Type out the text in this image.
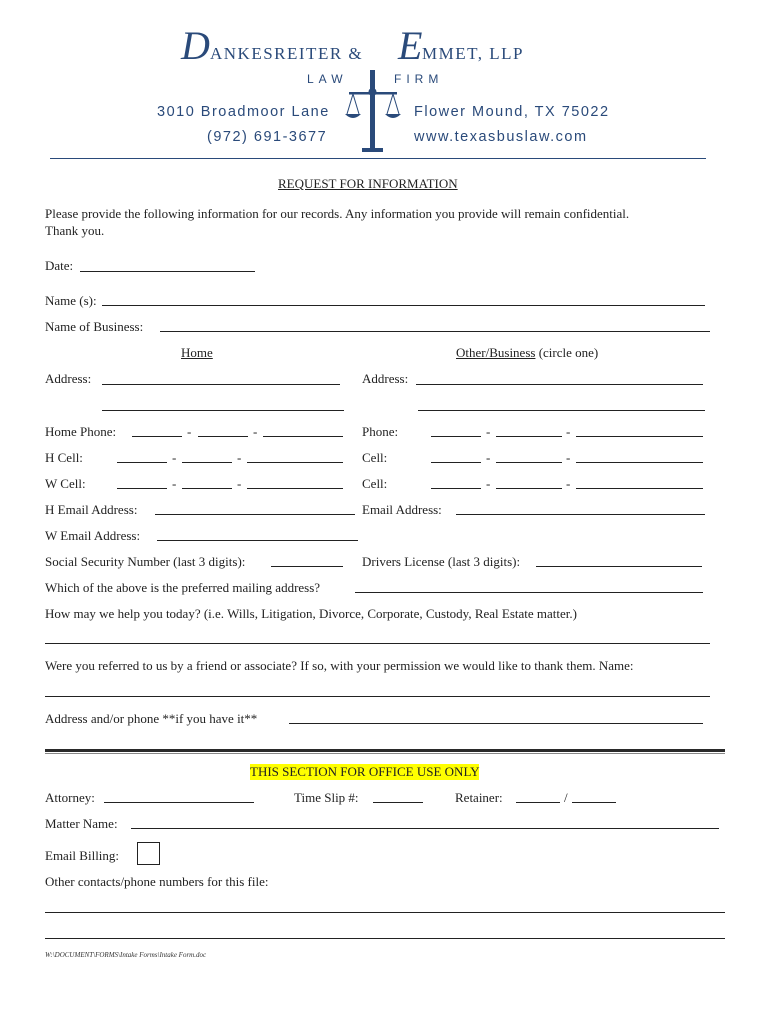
D ANKESREITER & E MMET, LLP
LAW	FIRM
3010 Broadmoor Lane
(972) 691-3677
Flower Mound, TX 75022
www.texasbuslaw.com
REQUEST FOR INFORMATION
Please provide the following information for our records. Any information you provide will remain confidential.
Thank you.
Date:
Name (s):
Name of Business:
Home	Other/Business (circle one)
Address:	Address:
Home Phone:	-	-	Phone:	-	-
H Cell:	-	-	Cell:	-	-
W Cell:	-	-	Cell:	-	-
H Email Address:	Email Address:
W Email Address:
Social Security Number (last 3 digits):	Drivers License (last 3 digits):
Which of the above is the preferred mailing address?
How may we help you today? (i.e. Wills, Litigation, Divorce, Corporate, Custody, Real Estate matter.)
Were you referred to us by a friend or associate? If so, with your permission we would like to thank them. Name:
Address and/or phone **if you have it**
THIS SECTION FOR OFFICE USE ONLY
Attorney:	Time Slip #:	Retainer:	/
Matter Name:
Email Billing:
Other contacts/phone numbers for this file:
W:\DOCUMENT\FORMS\Intake Forms\Intake Form.doc
